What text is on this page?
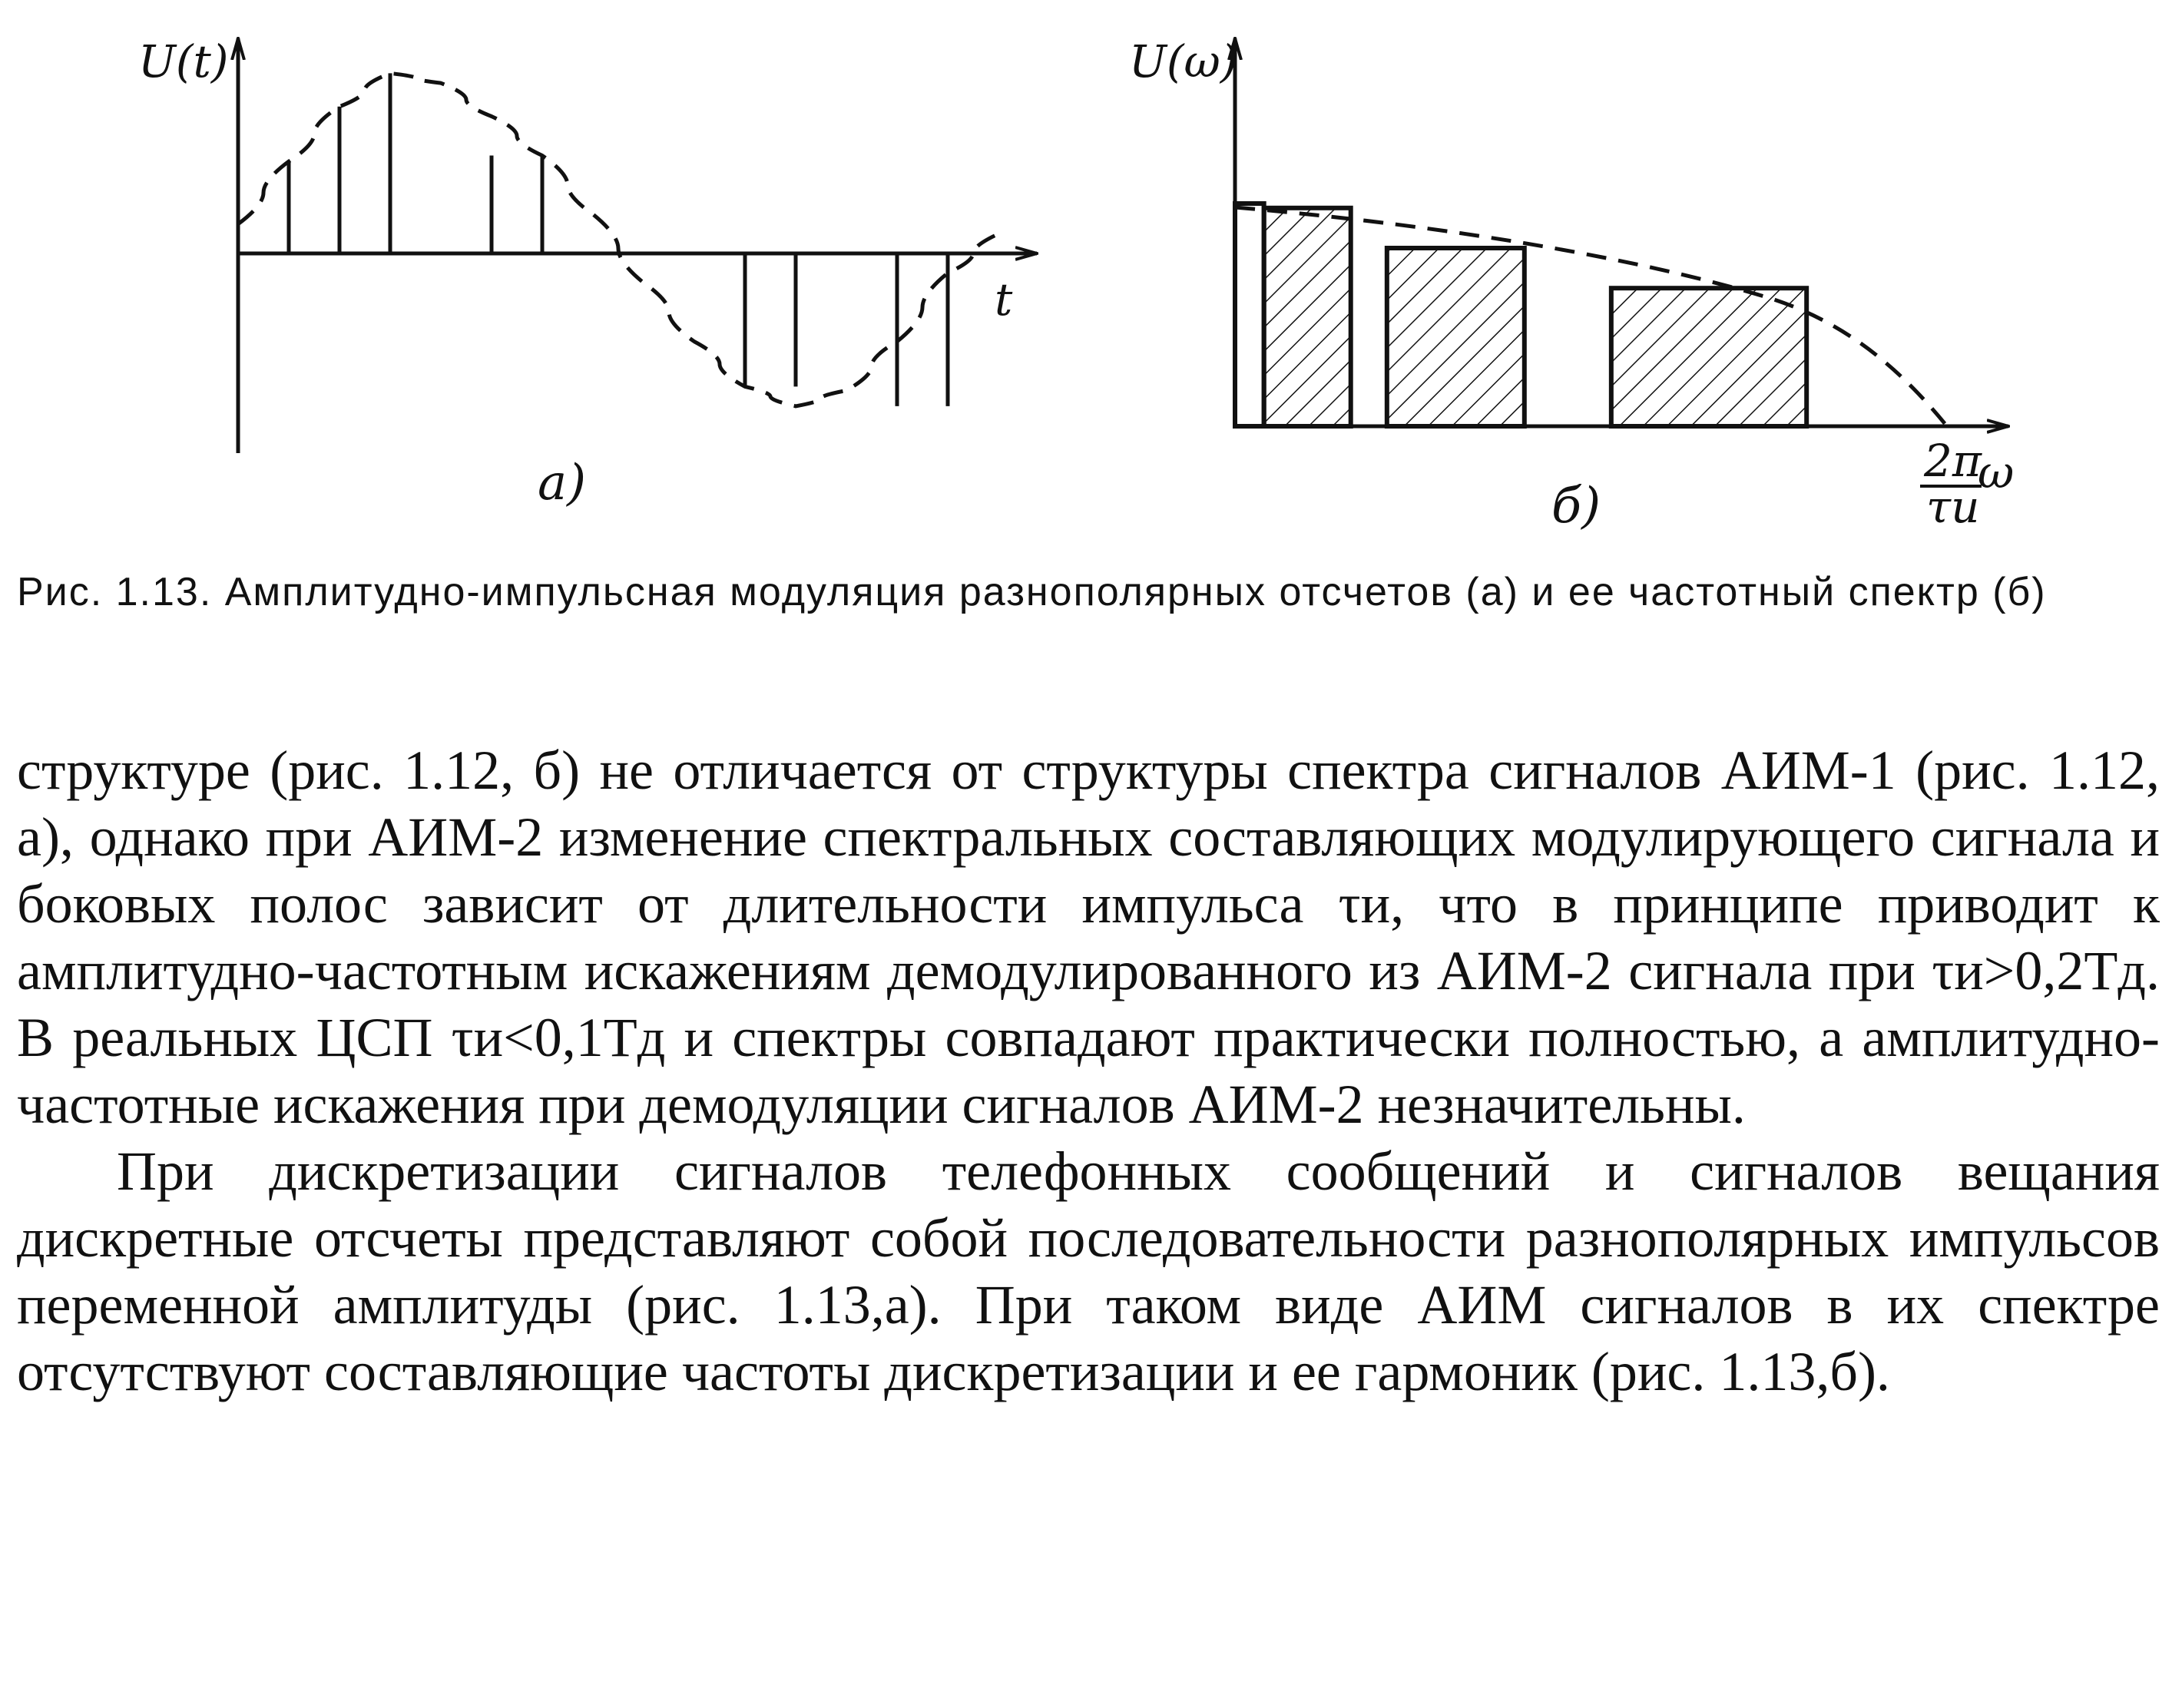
U(t)
t
а)
U(ω)
ω
2π
τи
б)

Рис. 1.13. Амплитудно-импульсная модуляция разнополярных отсчетов (а) и ее частотный спектр (б)

структуре (рис. 1.12, б) не отличается от структуры спектра сигналов АИМ-1 (рис. 1.12, а), однако при АИМ-2 изменение спектральных составляющих модулирующего сигнала и боковых полос зависит от длительности импульса τи, что в принципе приводит к амплитудно-частотным искажениям демодулированного из АИМ-2 сигнала при τи>0,2Tд. В реальных ЦСП τи<0,1Tд и спектры совпадают практически полностью, а амплитудно-частотные искажения при демодуляции сигналов АИМ-2 незначительны.

При дискретизации сигналов телефонных сообщений и сигналов вещания дискретные отсчеты представляют собой последовательности разнополярных импульсов переменной амплитуды (рис. 1.13,а). При таком виде АИМ сигналов в их спектре отсутствуют составляющие частоты дискретизации и ее гармоник (рис. 1.13,б).
